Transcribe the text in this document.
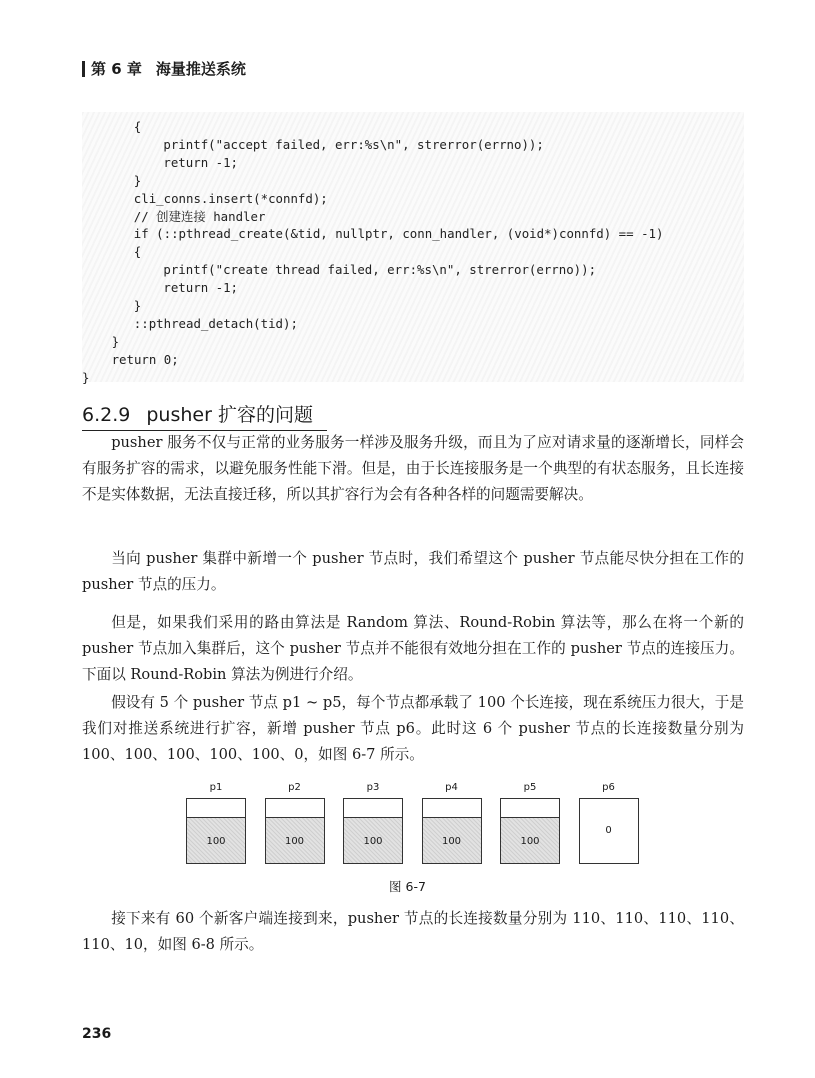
第 6 章 海量推送系统
{
printf("accept failed, err:%s\n", strerror(errno));
return -1;
}
cli_conns.insert(*connfd);
// 创建连接 handler
if (::pthread_create(&tid, nullptr, conn_handler, (void*)connfd) == -1)
{
printf("create thread failed, err:%s\n", strerror(errno));
return -1;
}
::pthread_detach(tid);
}
return 0;
}
6.2.9 pusher 扩容的问题
pusher 服务不仅与正常的业务服务一样涉及服务升级，而且为了应对请求量的逐渐增长，同样会有服务扩容的需求，以避免服务性能下滑。但是，由于长连接服务是一个典型的有状态服务，且长连接不是实体数据，无法直接迁移，所以其扩容行为会有各种各样的问题需要解决。
当向 pusher 集群中新增一个 pusher 节点时，我们希望这个 pusher 节点能尽快分担在工作的 pusher 节点的压力。
但是，如果我们采用的路由算法是 Random 算法、Round-Robin 算法等，那么在将一个新的 pusher 节点加入集群后，这个 pusher 节点并不能很有效地分担在工作的 pusher 节点的连接压力。下面以 Round-Robin 算法为例进行介绍。
假设有 5 个 pusher 节点 p1 ~ p5，每个节点都承载了 100 个长连接，现在系统压力很大，于是我们对推送系统进行扩容，新增 pusher 节点 p6。此时这 6 个 pusher 节点的长连接数量分别为 100、100、100、100、100、0，如图 6-7 所示。
p1
100
p2
100
p3
100
p4
100
p5
100
p6
0
图 6-7
接下来有 60 个新客户端连接到来，pusher 节点的长连接数量分别为 110、110、110、110、110、10，如图 6-8 所示。
236
